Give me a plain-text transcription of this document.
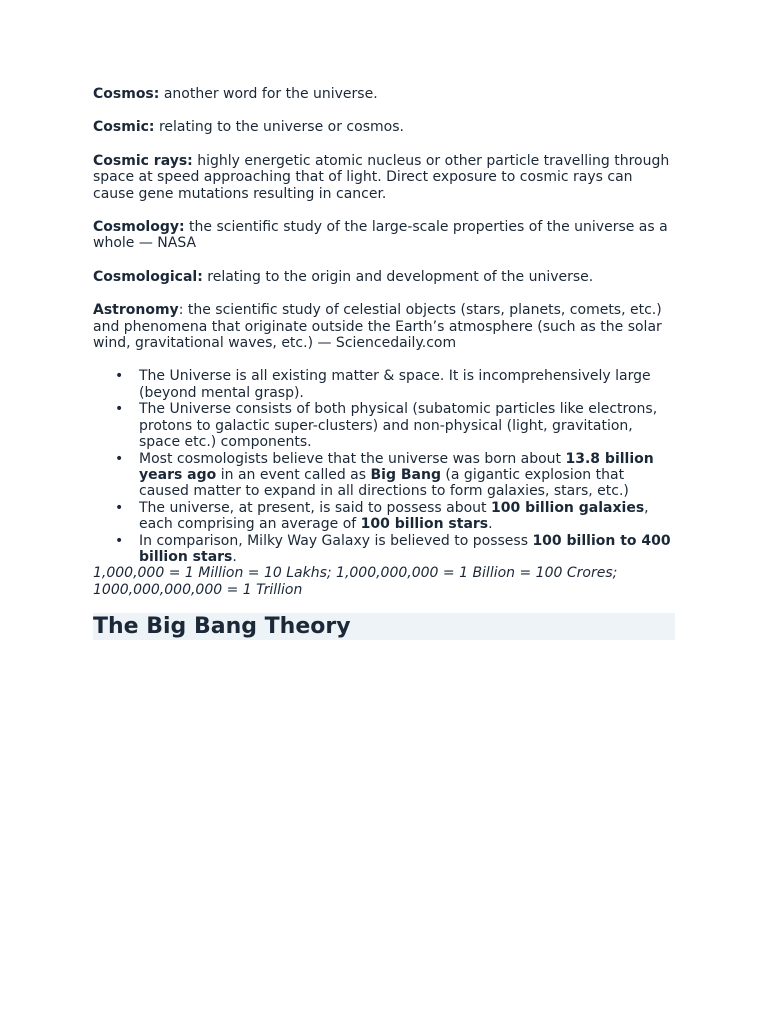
Cosmos: another word for the universe.

Cosmic: relating to the universe or cosmos.

Cosmic rays: highly energetic atomic nucleus or other particle travelling through space at speed approaching that of light. Direct exposure to cosmic rays can cause gene mutations resulting in cancer.

Cosmology: the scientific study of the large-scale properties of the universe as a whole — NASA

Cosmological: relating to the origin and development of the universe.

Astronomy: the scientific study of celestial objects (stars, planets, comets, etc.) and phenomena that originate outside the Earth’s atmosphere (such as the solar wind, gravitational waves, etc.) — Sciencedaily.com

• The Universe is all existing matter & space. It is incomprehensively large (beyond mental grasp).
• The Universe consists of both physical (subatomic particles like electrons, protons to galactic super-clusters) and non-physical (light, gravitation, space etc.) components.
• Most cosmologists believe that the universe was born about 13.8 billion years ago in an event called as Big Bang (a gigantic explosion that caused matter to expand in all directions to form galaxies, stars, etc.)
• The universe, at present, is said to possess about 100 billion galaxies, each comprising an average of 100 billion stars.
• In comparison, Milky Way Galaxy is believed to possess 100 billion to 400 billion stars.

1,000,000 = 1 Million = 10 Lakhs; 1,000,000,000 = 1 Billion = 100 Crores; 1000,000,000,000 = 1 Trillion

The Big Bang Theory
